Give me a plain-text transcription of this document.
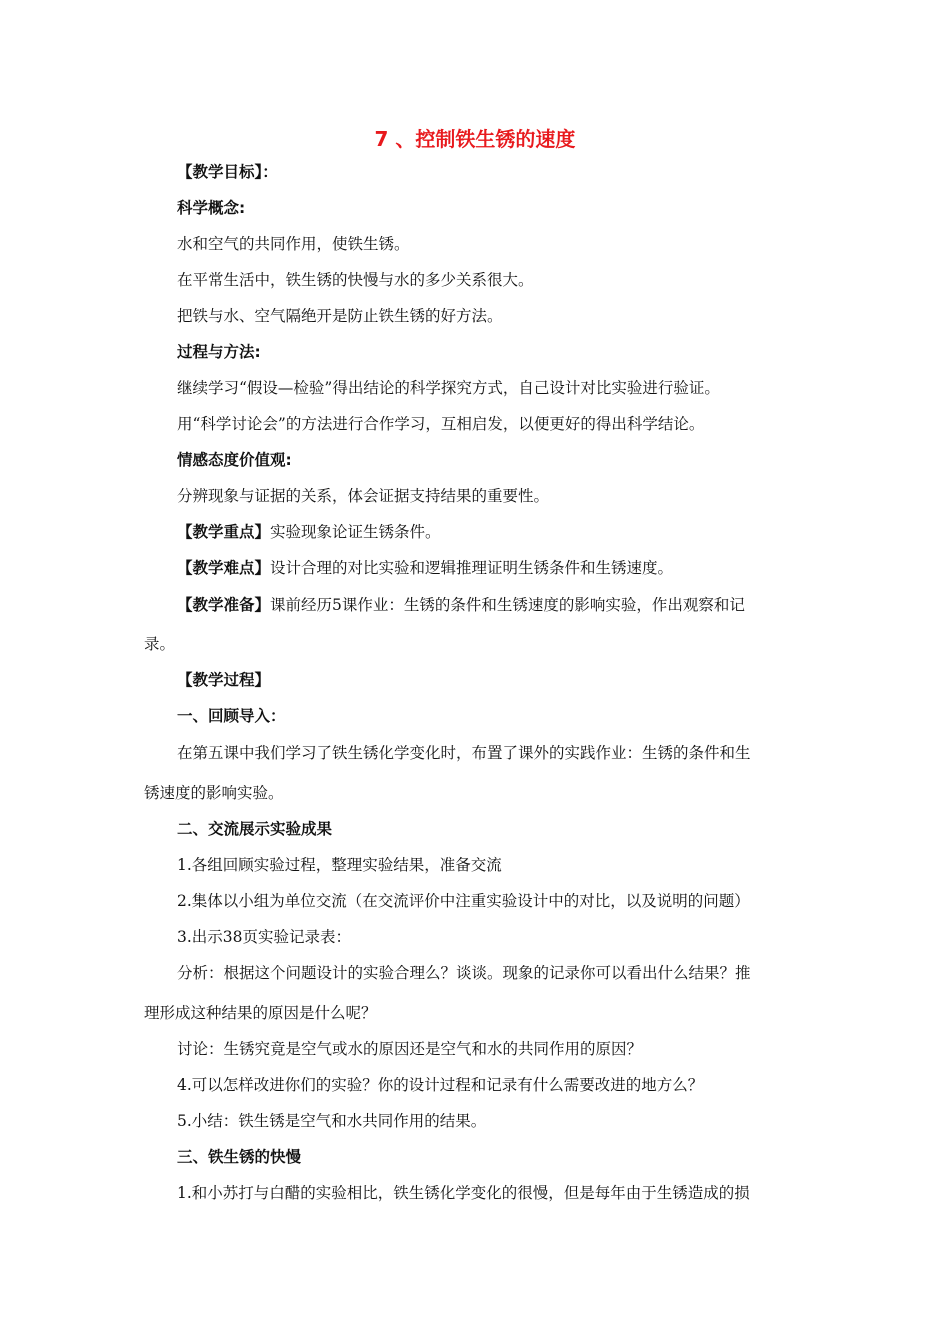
7 、控制铁生锈的速度

【教学目标】：

科学概念:

水和空气的共同作用，使铁生锈。

在平常生活中，铁生锈的快慢与水的多少关系很大。

把铁与水、空气隔绝开是防止铁生锈的好方法。

过程与方法:

继续学习“假设—检验”得出结论的科学探究方式，自己设计对比实验进行验证。

用“科学讨论会”的方法进行合作学习，互相启发，以便更好的得出科学结论。

情感态度价值观:

分辨现象与证据的关系，体会证据支持结果的重要性。

【教学重点】实验现象论证生锈条件。

【教学难点】设计合理的对比实验和逻辑推理证明生锈条件和生锈速度。

【教学准备】课前经历5课作业：生锈的条件和生锈速度的影响实验，作出观察和记

录。

【教学过程】

一、回顾导入：

在第五课中我们学习了铁生锈化学变化时，布置了课外的实践作业：生锈的条件和生

锈速度的影响实验。

二、交流展示实验成果

1.各组回顾实验过程，整理实验结果，准备交流

2.集体以小组为单位交流（在交流评价中注重实验设计中的对比，以及说明的问题）

3.出示38页实验记录表：

分析：根据这个问题设计的实验合理么？谈谈。现象的记录你可以看出什么结果？推

理形成这种结果的原因是什么呢？

讨论：生锈究竟是空气或水的原因还是空气和水的共同作用的原因？

4.可以怎样改进你们的实验？你的设计过程和记录有什么需要改进的地方么？

5.小结：铁生锈是空气和水共同作用的结果。

三、铁生锈的快慢

1.和小苏打与白醋的实验相比，铁生锈化学变化的很慢，但是每年由于生锈造成的损
